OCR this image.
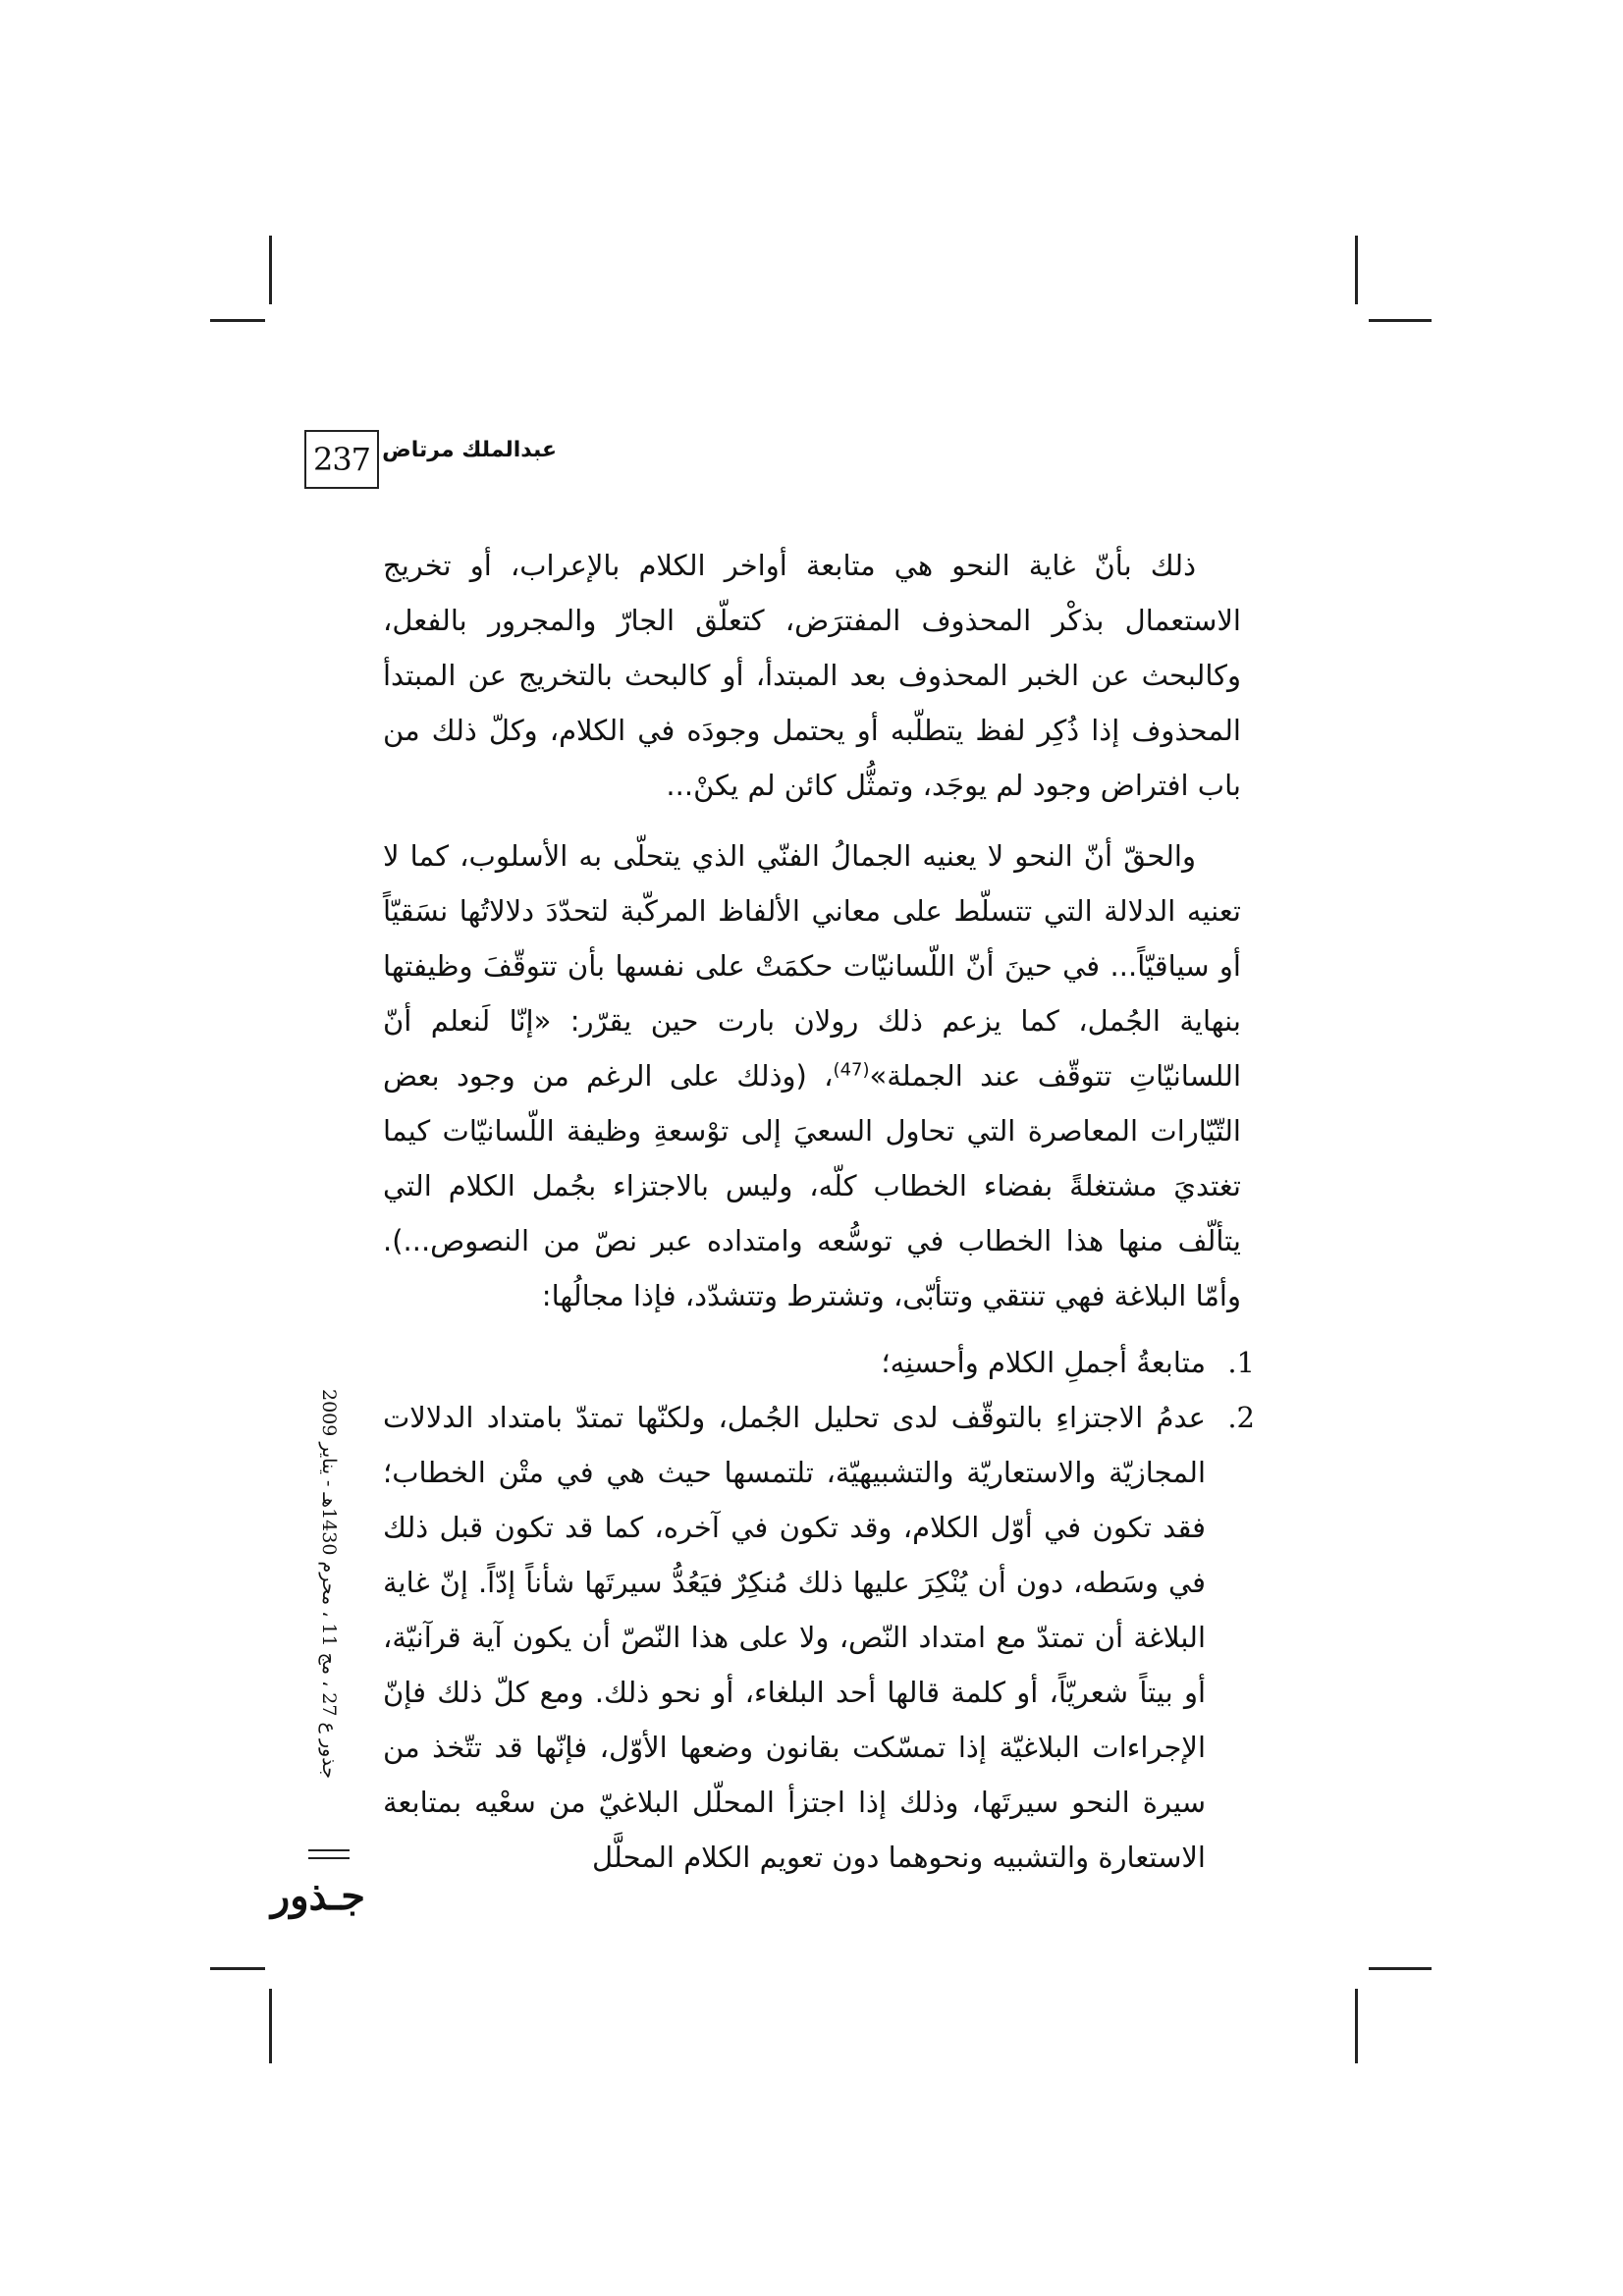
237 عبدالملك مرتاض

ذلك بأنّ غاية النحو هي متابعة أواخر الكلام بالإعراب، أو تخريج الاستعمال بذكْر المحذوف المفترَض، كتعلّق الجارّ والمجرور بالفعل، وكالبحث عن الخبر المحذوف بعد المبتدأ، أو كالبحث بالتخريج عن المبتدأ المحذوف إذا ذُكِر لفظ يتطلّبه أو يحتمل وجودَه في الكلام، وكلّ ذلك من باب افتراض وجود لم يوجَد، وتمثُّل كائن لم يكنْ...

والحقّ أنّ النحو لا يعنيه الجمالُ الفنّي الذي يتحلّى به الأسلوب، كما لا تعنيه الدلالة التي تتسلّط على معاني الألفاظ المركّبة لتحدّدَ دلالاتُها نسَقيّاً أو سياقيّاً... في حينَ أنّ اللّسانيّات حكمَتْ على نفسها بأن تتوقّفَ وظيفتها بنهاية الجُمل، كما يزعم ذلك رولان بارت حين يقرّر: «إنّا لَنعلم أنّ اللسانيّاتِ تتوقّف عند الجملة»$^{(47)}$، (وذلك على الرغم من وجود بعض التّيّارات المعاصرة التي تحاول السعيَ إلى توْسعةِ وظيفة اللّسانيّات كيما تغتديَ مشتغلةً بفضاء الخطاب كلّه، وليس بالاجتزاء بجُمل الكلام التي يتألّف منها هذا الخطاب في توسُّعه وامتداده عبر نصّ من النصوص...). وأمّا البلاغة فهي تنتقي وتتأبّى، وتشترط وتتشدّد، فإذا مجالُها:

1.
متابعةُ أجملِ الكلام وأحسنِه؛
2.
عدمُ الاجتزاءِ بالتوقّف لدى تحليل الجُمل، ولكنّها تمتدّ بامتداد الدلالات المجازيّة والاستعاريّة والتشبيهيّة، تلتمسها حيث هي في متْن الخطاب؛ فقد تكون في أوّل الكلام، وقد تكون في آخره، كما قد تكون قبل ذلك في وسَطه، دون أن يُنْكِرَ عليها ذلك مُنكِرٌ فيَعُدُّ سيرتَها شأناً إدّاً. إنّ غاية البلاغة أن تمتدّ مع امتداد النّص، ولا على هذا النّصّ أن يكون آية قرآنيّة، أو بيتاً شعريّاً، أو كلمة قالها أحد البلغاء، أو نحو ذلك. ومع كلّ ذلك فإنّ الإجراءات البلاغيّة إذا تمسّكت بقانون وضعها الأوّل، فإنّها قد تتّخذ من سيرة النحو سيرتَها، وذلك إذا اجتزأ المحلّل البلاغيّ من سعْيه بمتابعة الاستعارة والتشبيه ونحوهما دون تعويم الكلام المحلَّل
جذور ع 27 ، مج 11 ، محرم 1430هـ - يناير 2009
جـذور
